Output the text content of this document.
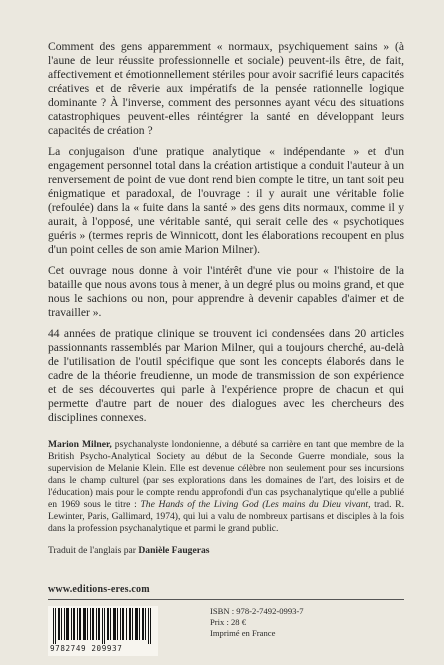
Comment des gens apparemment « normaux, psychiquement sains » (à l'aune de leur réussite professionnelle et sociale) peuvent-ils être, de fait, affectivement et émotionnellement stériles pour avoir sacrifié leurs capacités créatives et de rêverie aux impératifs de la pensée rationnelle logique dominante ? À l'inverse, comment des personnes ayant vécu des situations catastrophiques peuvent-elles réintégrer la santé en développant leurs capacités de création ?

La conjugaison d'une pratique analytique « indépendante » et d'un engagement personnel total dans la création artistique a conduit l'auteur à un renversement de point de vue dont rend bien compte le titre, un tant soit peu énigmatique et paradoxal, de l'ouvrage : il y aurait une véritable folie (refoulée) dans la « fuite dans la santé » des gens dits normaux, comme il y aurait, à l'opposé, une véritable santé, qui serait celle des « psychotiques guéris » (termes repris de Winnicott, dont les élaborations recoupent en plus d'un point celles de son amie Marion Milner).

Cet ouvrage nous donne à voir l'intérêt d'une vie pour « l'histoire de la bataille que nous avons tous à mener, à un degré plus ou moins grand, et que nous le sachions ou non, pour apprendre à devenir capables d'aimer et de travailler ».

44 années de pratique clinique se trouvent ici condensées dans 20 articles passionnants rassemblés par Marion Milner, qui a toujours cherché, au-delà de l'utilisation de l'outil spécifique que sont les concepts élaborés dans le cadre de la théorie freudienne, un mode de transmission de son expérience et de ses découvertes qui parle à l'expérience propre de chacun et qui permette d'autre part de nouer des dialogues avec les chercheurs des disciplines connexes.

Marion Milner, psychanalyste londonienne, a débuté sa carrière en tant que membre de la British Psycho-Analytical Society au début de la Seconde Guerre mondiale, sous la supervision de Melanie Klein. Elle est devenue célèbre non seulement pour ses incursions dans le champ culturel (par ses explorations dans les domaines de l'art, des loisirs et de l'éducation) mais pour le compte rendu approfondi d'un cas psychanalytique qu'elle a publié en 1969 sous le titre : The Hands of the Living God (Les mains du Dieu vivant, trad. R. Lewinter, Paris, Gallimard, 1974), qui lui a valu de nombreux partisans et disciples à la fois dans la profession psychanalytique et parmi le grand public.

Traduit de l'anglais par Danièle Faugeras

www.editions-eres.com
9782749 209937
ISBN : 978-2-7492-0993-7
Prix : 28 €
Imprimé en France
